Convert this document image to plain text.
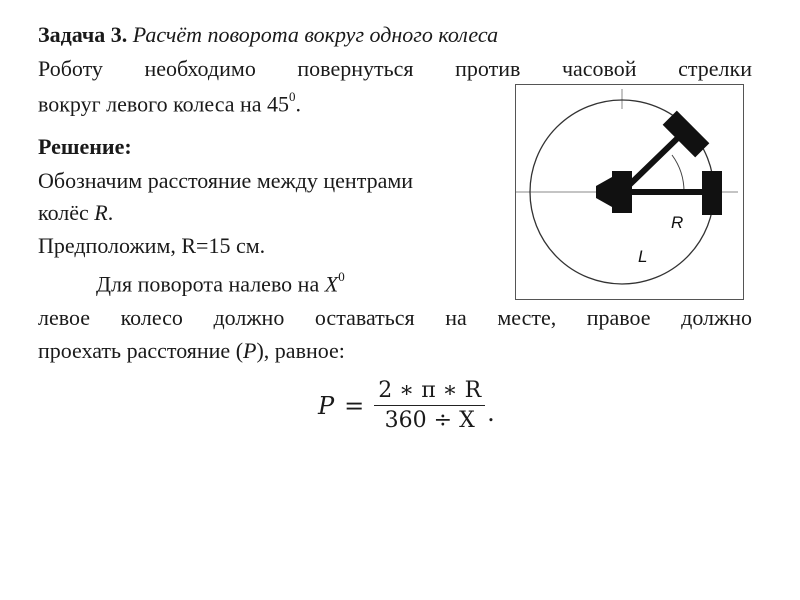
Задача 3. Расчёт поворота вокруг одного колеса
Роботу необходимо повернуться против часовой стрелки
вокруг левого колеса на $45^0$.
Решение:
Обозначим расстояние между центрами
колёс R.
Предположим, R=15 см.
Для поворота налево на $X^0$
левое колесо должно оставаться на месте, правое должно
проехать расстояние (P), равное:
$P = \frac{2 ∗ \pi ∗ R}{360 \div X}$ .
R
L
